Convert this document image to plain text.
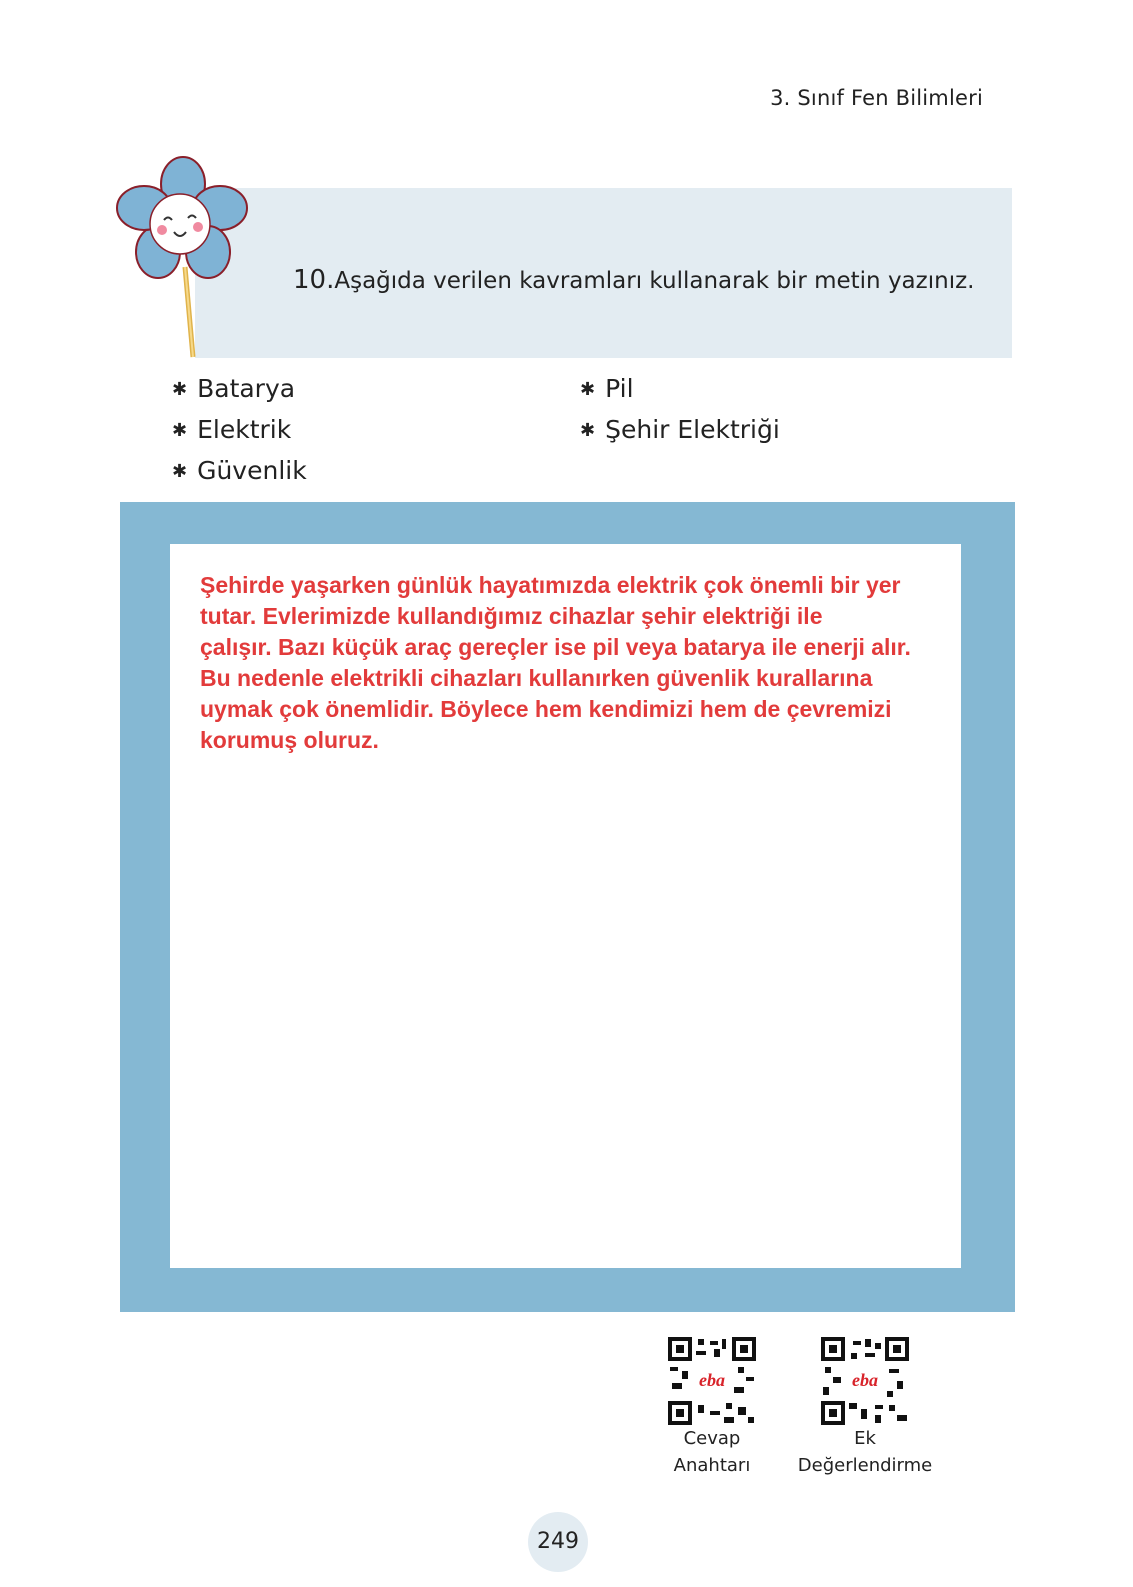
3. Sınıf Fen Bilimleri
10.Aşağıda verilen kavramları kullanarak bir metin yazınız.
✱ Batarya
✱ Elektrik
✱ Güvenlik
✱ Pil
✱ Şehir Elektriği
Şehirde yaşarken günlük hayatımızda elektrik çok önemli bir yer
tutar. Evlerimizde kullandığımız cihazlar şehir elektriği ile
çalışır. Bazı küçük araç gereçler ise pil veya batarya ile enerji alır.
Bu nedenle elektrikli cihazları kullanırken güvenlik kurallarına
uymak çok önemlidir. Böylece hem kendimizi hem de çevremizi
korumuş oluruz.
eba
Cevap
Anahtarı
eba
Ek
Değerlendirme
249
